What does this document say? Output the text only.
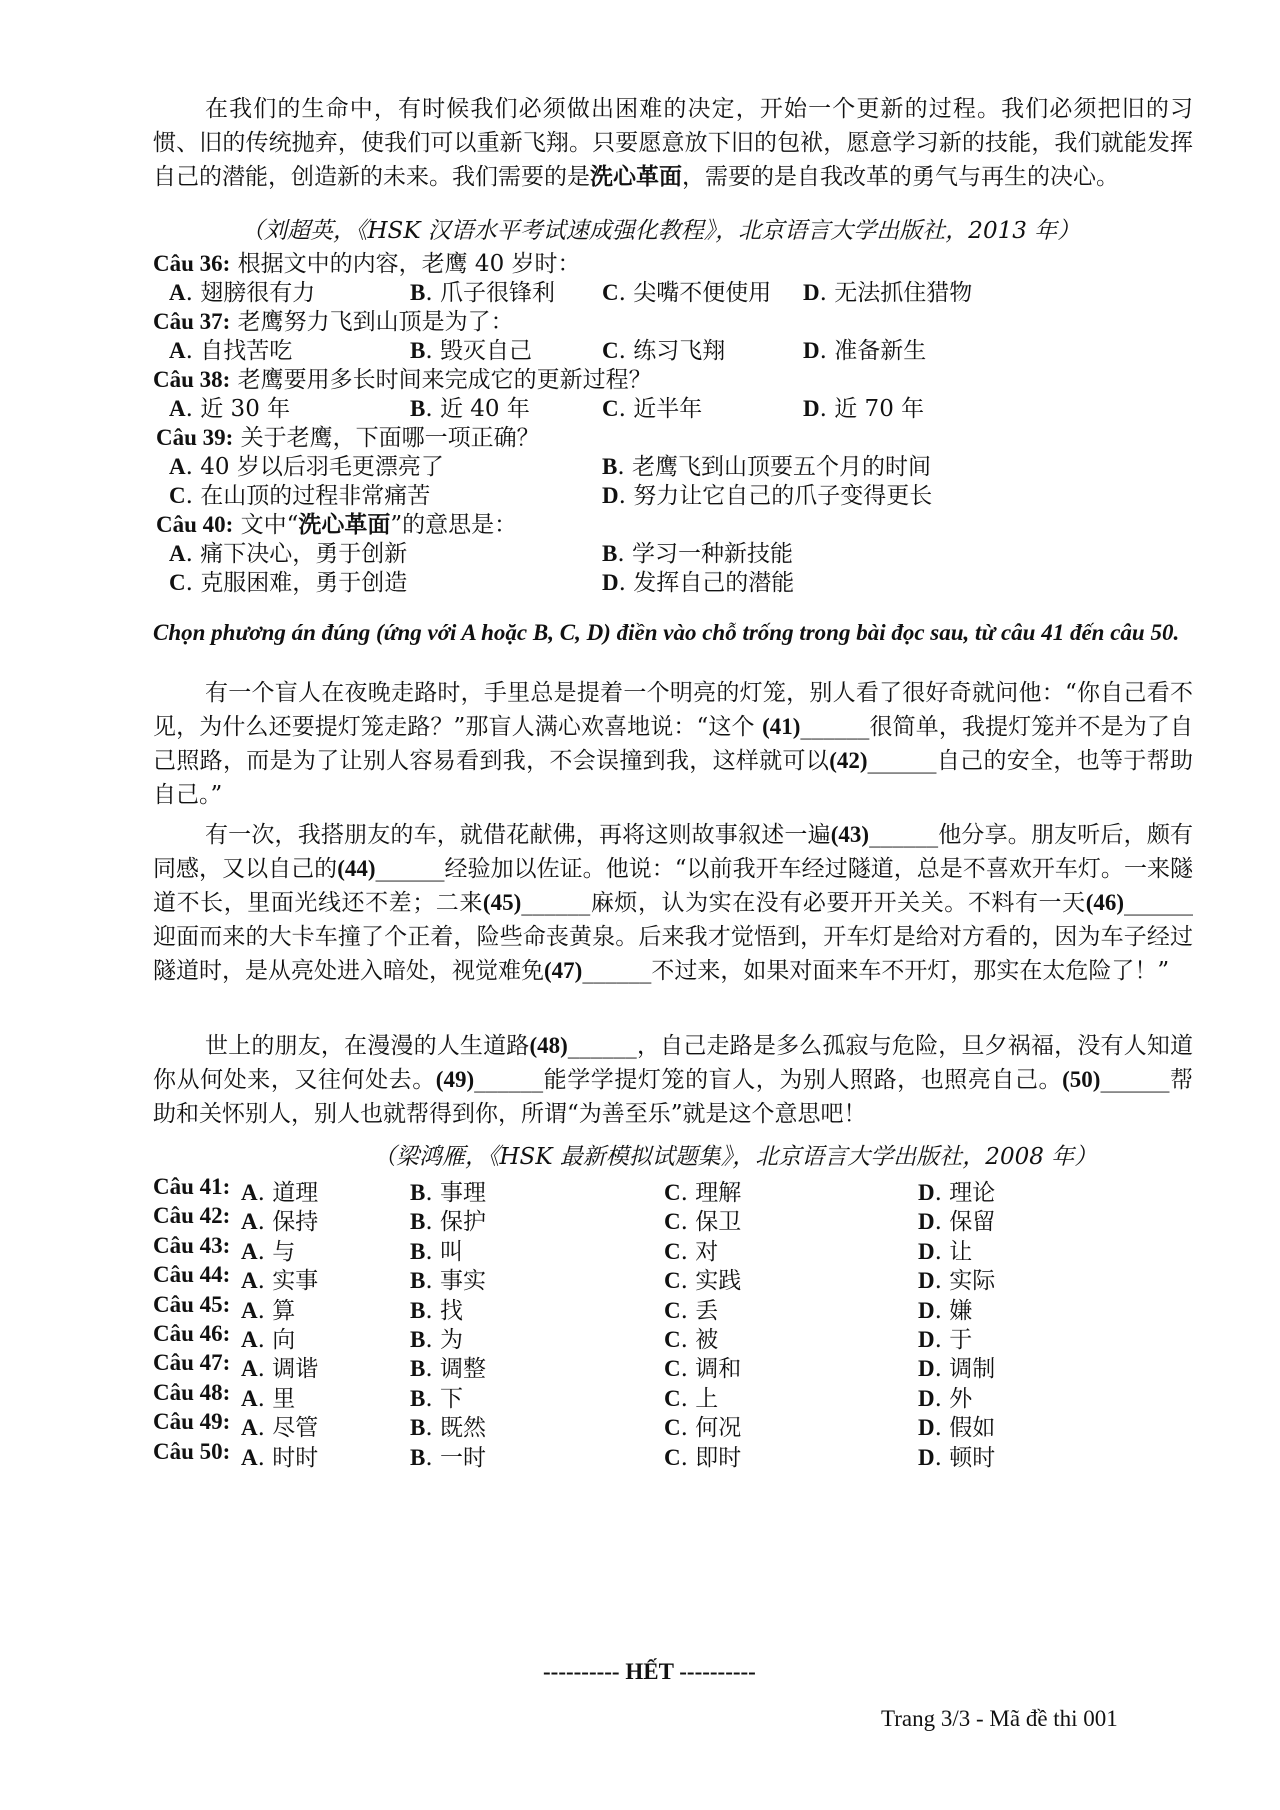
在我们的生命中，有时候我们必须做出困难的决定，开始一个更新的过程。我们必须把旧的习惯、旧的传统抛弃，使我们可以重新飞翔。只要愿意放下旧的包袱，愿意学习新的技能，我们就能发挥自己的潜能，创造新的未来。我们需要的是洗心革面，需要的是自我改革的勇气与再生的决心。
（刘超英，《HSK 汉语水平考试速成强化教程》，北京语言大学出版社，2013 年）
Câu 36: 根据文中的内容，老鹰 40 岁时：
A. 翅膀很有力	B. 爪子很锋利 C. 尖嘴不便使用 D. 无法抓住猎物
Câu 37: 老鹰努力飞到山顶是为了：
A. 自找苦吃	B. 毁灭自己	C. 练习飞翔	D. 准备新生
Câu 38: 老鹰要用多长时间来完成它的更新过程？
A. 近 30 年	B. 近 40 年	C. 近半年	D. 近 70 年
Câu 39: 关于老鹰，下面哪一项正确？
A. 40 岁以后羽毛更漂亮了	B. 老鹰飞到山顶要五个月的时间
C. 在山顶的过程非常痛苦	D. 努力让它自己的爪子变得更长
Câu 40: 文中“洗心革面”的意思是：
A. 痛下决心，勇于创新	B. 学习一种新技能
C. 克服困难，勇于创造	D. 发挥自己的潜能
Chọn phương án đúng (ứng với A hoặc B, C, D) điền vào chỗ trống trong bài đọc sau, từ câu 41 đến câu 50.
有一个盲人在夜晚走路时，手里总是提着一个明亮的灯笼，别人看了很好奇就问他：“你自己看不见，为什么还要提灯笼走路？”那盲人满心欢喜地说：“这个 (41)______很简单，我提灯笼并不是为了自己照路，而是为了让别人容易看到我，不会误撞到我，这样就可以(42)______自己的安全，也等于帮助自己。”
有一次，我搭朋友的车，就借花献佛，再将这则故事叙述一遍(43)______他分享。朋友听后，颇有同感，又以自己的(44)______经验加以佐证。他说：“以前我开车经过隧道，总是不喜欢开车灯。一来隧道不长，里面光线还不差；二来(45)______麻烦，认为实在没有必要开开关关。不料有一天(46)______迎面而来的大卡车撞了个正着，险些命丧黄泉。后来我才觉悟到，开车灯是给对方看的，因为车子经过隧道时，是从亮处进入暗处，视觉难免(47)______不过来，如果对面来车不开灯，那实在太危险了！”
世上的朋友，在漫漫的人生道路(48)______，自己走路是多么孤寂与危险，旦夕祸福，没有人知道你从何处来，又往何处去。(49)______能学学提灯笼的盲人，为别人照路，也照亮自己。(50)______帮助和关怀别人，别人也就帮得到你，所谓“为善至乐”就是这个意思吧！
（梁鸿雁，《HSK 最新模拟试题集》，北京语言大学出版社，2008 年）
Câu 41: A. 道理	B. 事理	C. 理解	D. 理论
Câu 42: A. 保持	B. 保护	C. 保卫	D. 保留
Câu 43: A. 与	B. 叫	C. 对	D. 让
Câu 44: A. 实事	B. 事实	C. 实践	D. 实际
Câu 45: A. 算	B. 找	C. 丢	D. 嫌
Câu 46: A. 向	B. 为	C. 被	D. 于
Câu 47: A. 调谐	B. 调整	C. 调和	D. 调制
Câu 48: A. 里	B. 下	C. 上	D. 外
Câu 49: A. 尽管	B. 既然	C. 何况	D. 假如
Câu 50: A. 时时	B. 一时	C. 即时	D. 顿时
---------- HẾT ----------
Trang 3/3 - Mã đề thi 001
